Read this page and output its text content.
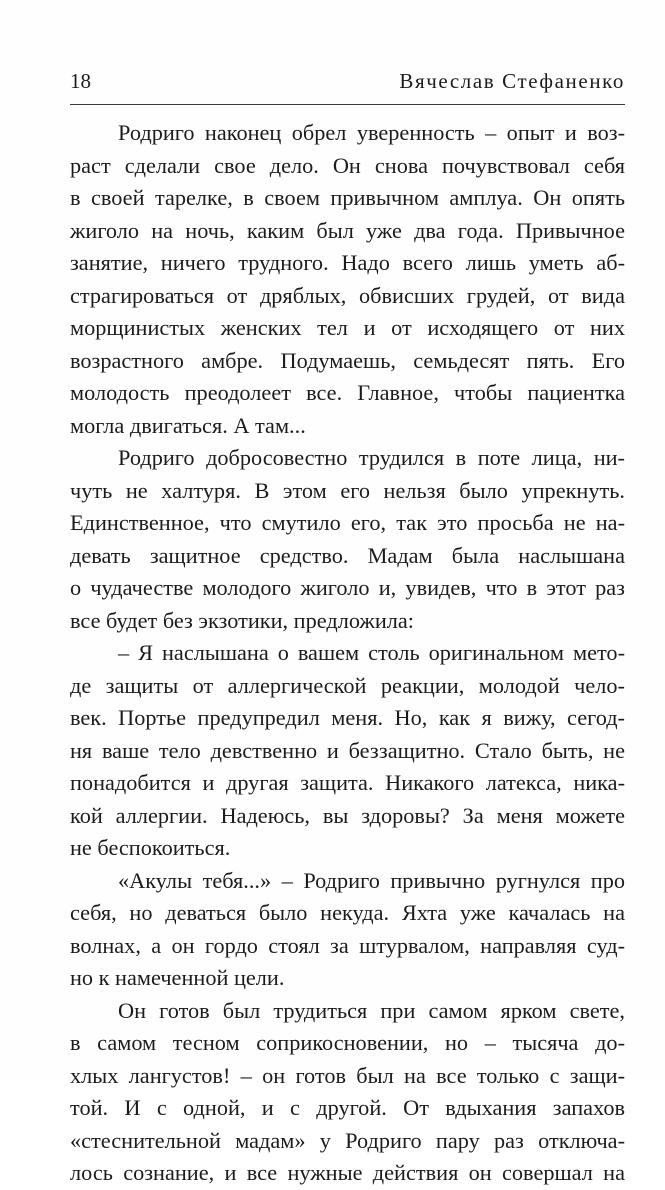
18	Вячеслав Стефаненко
Родриго наконец обрел уверенность – опыт и воз-
раст сделали свое дело. Он снова почувствовал себя
в своей тарелке, в своем привычном амплуа. Он опять
жиголо на ночь, каким был уже два года. Привычное
занятие, ничего трудного. Надо всего лишь уметь аб-
страгироваться от дряблых, обвисших грудей, от вида
морщинистых женских тел и от исходящего от них
возрастного амбре. Подумаешь, семьдесят пять. Его
молодость преодолеет все. Главное, чтобы пациентка
могла двигаться. А там...
Родриго добросовестно трудился в поте лица, ни-
чуть не халтуря. В этом его нельзя было упрекнуть.
Единственное, что смутило его, так это просьба не на-
девать защитное средство. Мадам была наслышана
о чудачестве молодого жиголо и, увидев, что в этот раз
все будет без экзотики, предложила:
– Я наслышана о вашем столь оригинальном мето-
де защиты от аллергической реакции, молодой чело-
век. Портье предупредил меня. Но, как я вижу, сегод-
ня ваше тело девственно и беззащитно. Стало быть, не
понадобится и другая защита. Никакого латекса, ника-
кой аллергии. Надеюсь, вы здоровы? За меня можете
не беспокоиться.
«Акулы тебя...» – Родриго привычно ругнулся про
себя, но деваться было некуда. Яхта уже качалась на
волнах, а он гордо стоял за штурвалом, направляя суд-
но к намеченной цели.
Он готов был трудиться при самом ярком свете,
в самом тесном соприкосновении, но – тысяча до-
хлых лангустов! – он готов был на все только с защи-
той. И с одной, и с другой. От вдыхания запахов
«стеснительной мадам» у Родриго пару раз отключа-
лось сознание, и все нужные действия он совершал на
